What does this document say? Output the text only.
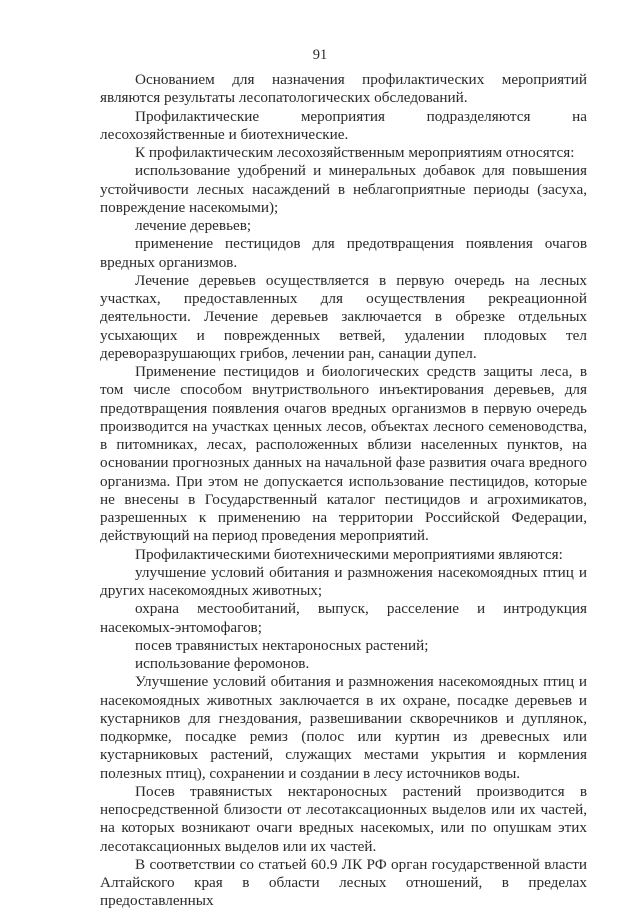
91

Основанием для назначения профилактических мероприятий являются результаты лесопатологических обследований.

Профилактические мероприятия подразделяются на лесохозяйственные и биотехнические.

К профилактическим лесохозяйственным мероприятиям относятся:

использование удобрений и минеральных добавок для повышения устойчивости лесных насаждений в неблагоприятные периоды (засуха, повреждение насекомыми);

лечение деревьев;

применение пестицидов для предотвращения появления очагов вредных организмов.

Лечение деревьев осуществляется в первую очередь на лесных участках, предоставленных для осуществления рекреационной деятельности. Лечение деревьев заключается в обрезке отдельных усыхающих и поврежденных ветвей, удалении плодовых тел дереворазрушающих грибов, лечении ран, санации дупел.

Применение пестицидов и биологических средств защиты леса, в том числе способом внутриствольного инъектирования деревьев, для предотвращения появления очагов вредных организмов в первую очередь производится на участках ценных лесов, объектах лесного семеноводства, в питомниках, лесах, расположенных вблизи населенных пунктов, на основании прогнозных данных на начальной фазе развития очага вредного организма. При этом не допускается использование пестицидов, которые не внесены в Государственный каталог пестицидов и агрохимикатов, разрешенных к применению на территории Российской Федерации, действующий на период проведения мероприятий.

Профилактическими биотехническими мероприятиями являются:

улучшение условий обитания и размножения насекомоядных птиц и других насекомоядных животных;

охрана местообитаний, выпуск, расселение и интродукция насекомых-энтомофагов;

посев травянистых нектароносных растений;

использование феромонов.

Улучшение условий обитания и размножения насекомоядных птиц и насекомоядных животных заключается в их охране, посадке деревьев и кустарников для гнездования, развешивании скворечников и дуплянок, подкормке, посадке ремиз (полос или куртин из древесных или кустарниковых растений, служащих местами укрытия и кормления полезных птиц), сохранении и создании в лесу источников воды.

Посев травянистых нектароносных растений производится в непосредственной близости от лесотаксационных выделов или их частей, на которых возникают очаги вредных насекомых, или по опушкам этих лесотаксационных выделов или их частей.

В соответствии со статьей 60.9 ЛК РФ орган государственной власти Алтайского края в области лесных отношений, в пределах предоставленных
